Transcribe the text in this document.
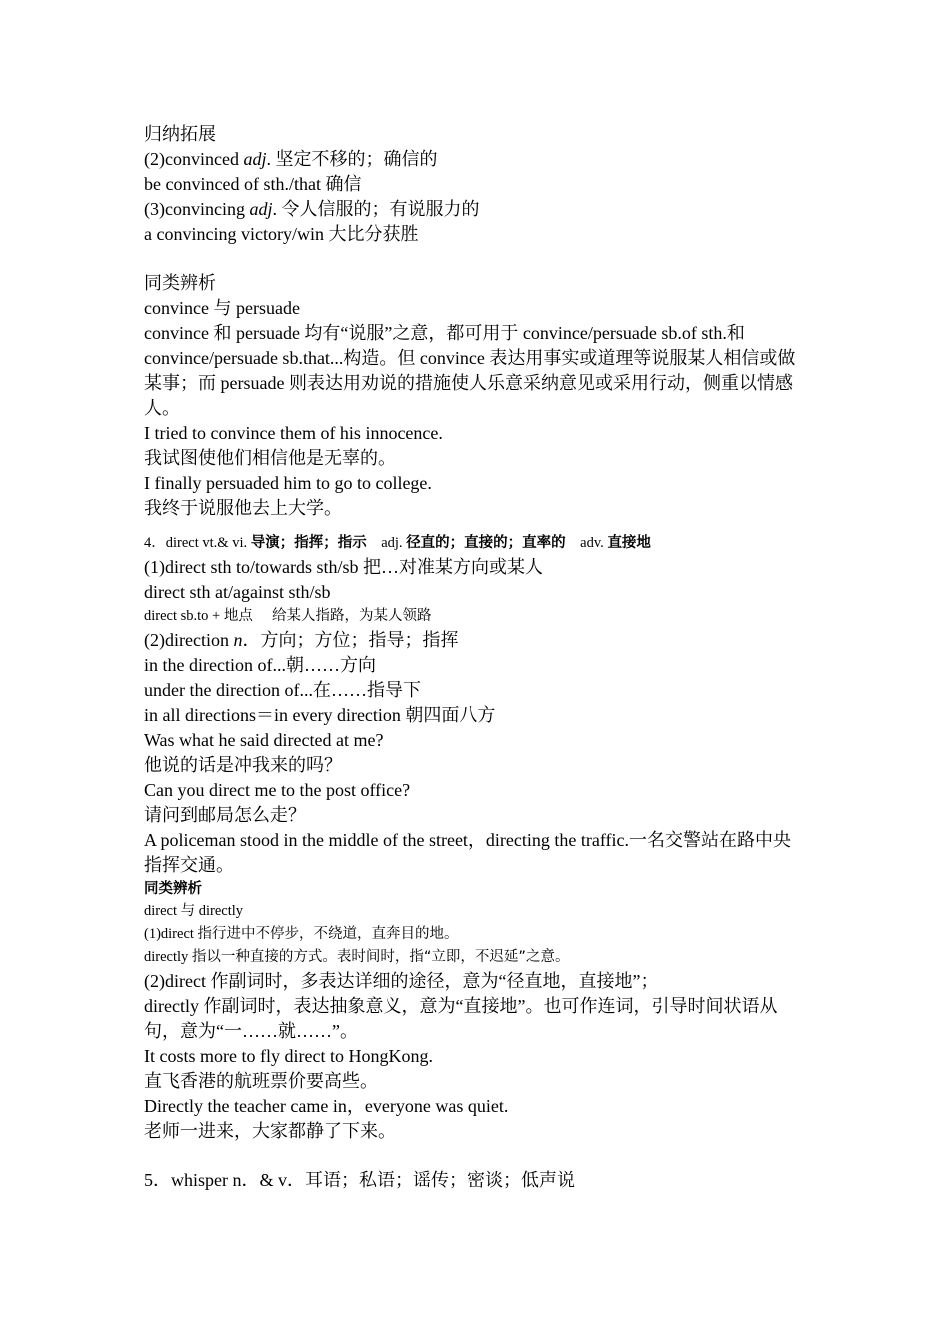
归纳拓展
(2)convinced adj. 坚定不移的；确信的
be convinced of sth./that 确信
(3)convincing adj. 令人信服的；有说服力的
a convincing victory/win 大比分获胜
同类辨析
convince 与 persuade
convince 和 persuade 均有“说服”之意，都可用于 convince/persuade sb.of sth.和 convince/persuade sb.that...构造。但 convince 表达用事实或道理等说服某人相信或做某事；而 persuade 则表达用劝说的措施使人乐意采纳意见或采用行动，侧重以情感人。
I tried to convince them of his innocence.
我试图使他们相信他是无辜的。
I finally persuaded him to go to college.
我终于说服他去上大学。
4．direct vt.& vi. 导演；指挥；指示　adj. 径直的；直接的；直率的　adv. 直接地
(1)direct sth to/towards sth/sb 把…对准某方向或某人
direct sth at/against sth/sb
direct sb.to + 地点　 给某人指路，为某人领路
(2)direction n．方向；方位；指导；指挥
in the direction of...朝……方向
under the direction of...在……指导下
in all directions＝in every direction 朝四面八方
Was what he said directed at me?
他说的话是冲我来的吗？
Can you direct me to the post office?
请问到邮局怎么走？
A policeman stood in the middle of the street，directing the traffic.一名交警站在路中央指挥交通。
同类辨析
direct 与 directly
(1)direct 指行进中不停步，不绕道，直奔目的地。
directly 指以一种直接的方式。表时间时，指“立即，不迟延”之意。
(2)direct 作副词时，多表达详细的途径，意为“径直地，直接地”；
directly 作副词时，表达抽象意义，意为“直接地”。也可作连词，引导时间状语从句，意为“一……就……”。
It costs more to fly direct to HongKong.
直飞香港的航班票价要高些。
Directly the teacher came in，everyone was quiet.
老师一进来，大家都静了下来。
5．whisper n．& v．耳语；私语；谣传；密谈；低声说
